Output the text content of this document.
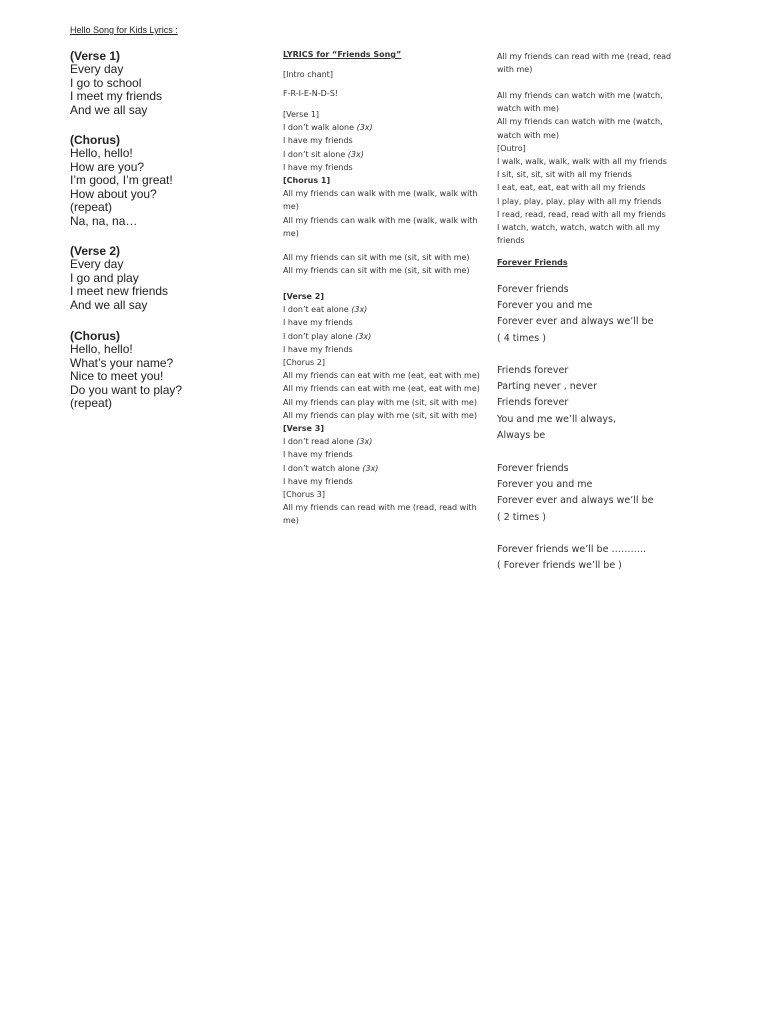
Hello Song for Kids Lyrics :
(Verse 1)
Every day
I go to school
I meet my friends
And we all say
(Chorus)
Hello, hello!
How are you?
I’m good, I’m great!
How about you?
(repeat)
Na, na, na…
(Verse 2)
Every day
I go and play
I meet new friends
And we all say
(Chorus)
Hello, hello!
What’s your name?
Nice to meet you!
Do you want to play?
(repeat)
LYRICS for “Friends Song”
[Intro chant]
F-R-I-E-N-D-S!
[Verse 1]
I don’t walk alone (3x)
I have my friends
I don’t sit alone (3x)
I have my friends
[Chorus 1]
All my friends can walk with me (walk, walk with me)
All my friends can walk with me (walk, walk with me)
All my friends can sit with me (sit, sit with me)
All my friends can sit with me (sit, sit with me)
[Verse 2]
I don’t eat alone (3x)
I have my friends
I don’t play alone (3x)
I have my friends
[Chorus 2]
All my friends can eat with me (eat, eat with me)
All my friends can eat with me (eat, eat with me)
All my friends can play with me (sit, sit with me)
All my friends can play with me (sit, sit with me)
[Verse 3]
I don’t read alone (3x)
I have my friends
I don’t watch alone (3x)
I have my friends
[Chorus 3]
All my friends can read with me (read, read with me)
All my friends can read with me (read, read with me)
All my friends can watch with me (watch, watch with me)
All my friends can watch with me (watch, watch with me)
[Outro]
I walk, walk, walk, walk with all my friends
I sit, sit, sit, sit with all my friends
I eat, eat, eat, eat with all my friends
I play, play, play, play with all my friends
I read, read, read, read with all my friends
I watch, watch, watch, watch with all my
friends
Forever Friends
Forever friends
Forever you and me
Forever ever and always we’ll be
( 4 times )
Friends forever
Parting never , never
Friends forever
You and me we’ll always,
Always be
Forever friends
Forever you and me
Forever ever and always we’ll be
( 2 times )
Forever friends we’ll be ………..
( Forever friends we’ll be )
